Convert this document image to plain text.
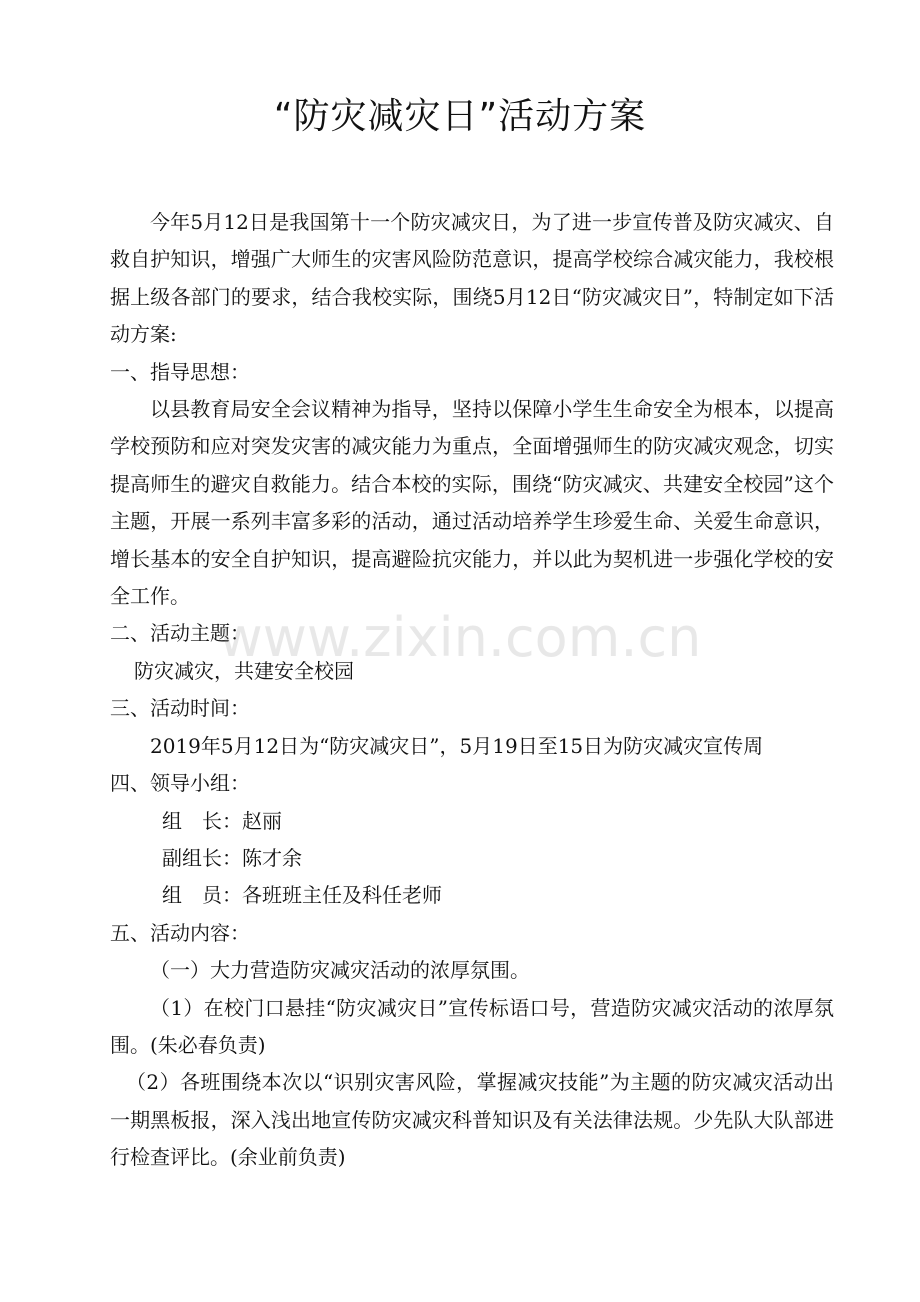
“防灾减灾日”活动方案

今年5月12日是我国第十一个防灾减灾日，为了进一步宣传普及防灾减灾、自救自护知识，增强广大师生的灾害风险防范意识，提高学校综合减灾能力，我校根据上级各部门的要求，结合我校实际，围绕5月12日“防灾减灾日”，特制定如下活动方案:

一、指导思想：

以县教育局安全会议精神为指导，坚持以保障小学生生命安全为根本，以提高学校预防和应对突发灾害的减灾能力为重点，全面增强师生的防灾减灾观念，切实提高师生的避灾自救能力。结合本校的实际，围绕“防灾减灾、共建安全校园”这个主题，开展一系列丰富多彩的活动，通过活动培养学生珍爱生命、关爱生命意识，增长基本的安全自护知识，提高避险抗灾能力，并以此为契机进一步强化学校的安全工作。

二、活动主题：

防灾减灾，共建安全校园

三、活动时间：

2019年5月12日为“防灾减灾日”，5月19日至15日为防灾减灾宣传周

四、领导小组：

组　长：赵丽

副组长：陈才余

组　员：各班班主任及科任老师

五、活动内容：

（一）大力营造防灾减灾活动的浓厚氛围。

（1）在校门口悬挂“防灾减灾日”宣传标语口号，营造防灾减灾活动的浓厚氛围。(朱必春负责)

（2）各班围绕本次以“识别灾害风险，掌握减灾技能”为主题的防灾减灾活动出一期黑板报，深入浅出地宣传防灾减灾科普知识及有关法律法规。少先队大队部进行检查评比。(余业前负责)

www.zixin.com.cn
